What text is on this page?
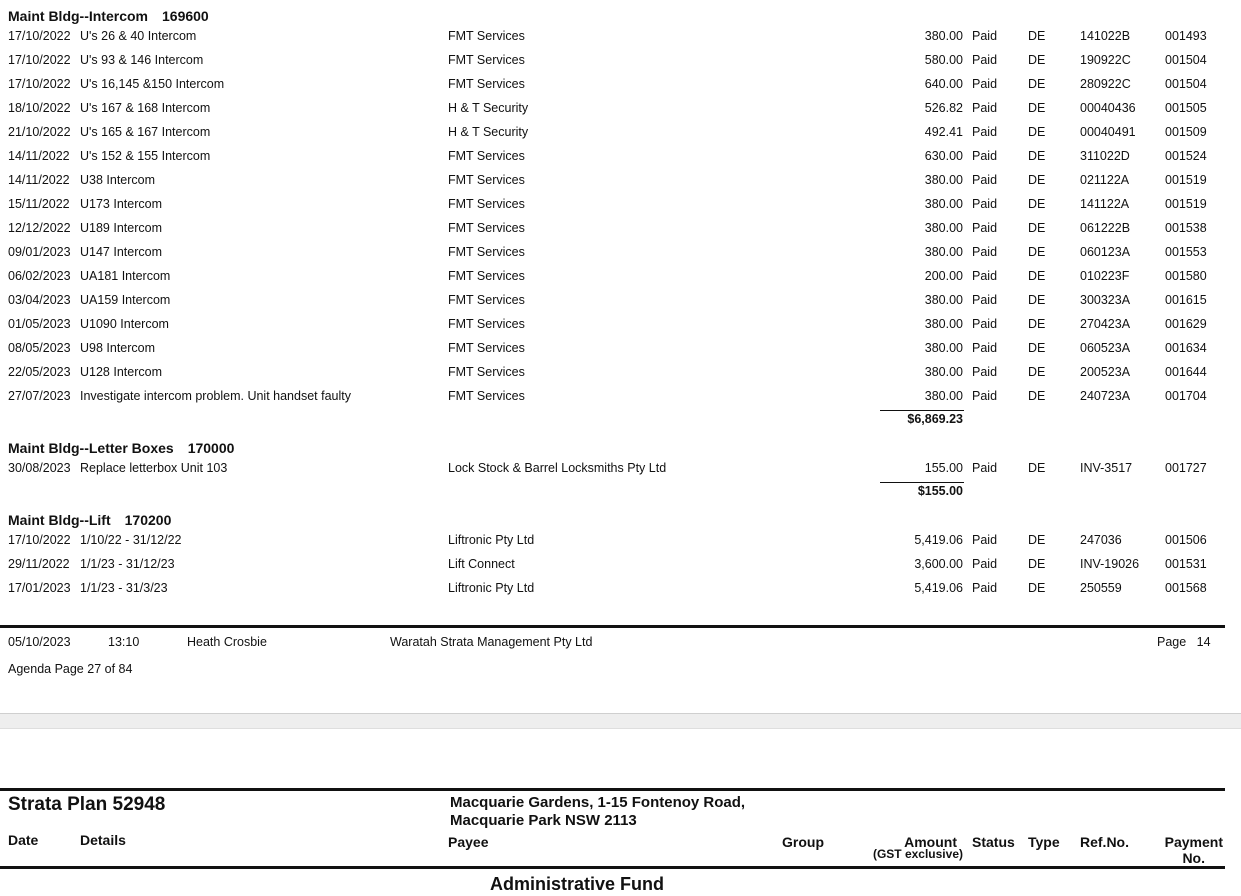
Maint Bldg--Intercom 169600
17/10/2022 U's 26 & 40 Intercom	FMT Services	380.00 Paid DE	141022B	001493
17/10/2022 U's 93 & 146 Intercom	FMT Services	580.00 Paid DE	190922C	001504
17/10/2022 U's 16,145 &150 Intercom	FMT Services	640.00 Paid DE	280922C	001504
18/10/2022 U's 167 & 168 Intercom	H & T Security	526.82 Paid DE	00040436 001505
21/10/2022 U's 165 & 167 Intercom	H & T Security	492.41 Paid DE	00040491 001509
14/11/2022 U's 152 & 155 Intercom	FMT Services	630.00 Paid DE	311022D	001524
14/11/2022 U38 Intercom	FMT Services	380.00 Paid DE	021122A	001519
15/11/2022 U173 Intercom	FMT Services	380.00 Paid DE	141122A	001519
12/12/2022 U189 Intercom	FMT Services	380.00 Paid DE	061222B	001538
09/01/2023 U147 Intercom	FMT Services	380.00 Paid DE	060123A	001553
06/02/2023 UA181 Intercom	FMT Services	200.00 Paid DE	010223F	001580
03/04/2023 UA159 Intercom	FMT Services	380.00 Paid DE	300323A	001615
01/05/2023 U1090 Intercom	FMT Services	380.00 Paid DE	270423A	001629
08/05/2023 U98 Intercom	FMT Services	380.00 Paid DE	060523A	001634
22/05/2023 U128 Intercom	FMT Services	380.00 Paid DE	200523A	001644
27/07/2023 Investigate intercom problem. Unit handset faulty	FMT Services	380.00 Paid DE	240723A	001704
$6,869.23
Maint Bldg--Letter Boxes 170000
30/08/2023 Replace letterbox Unit 103	Lock Stock & Barrel Locksmiths Pty Ltd	155.00 Paid DE	INV-3517	001727
$155.00
Maint Bldg--Lift 170200
17/10/2022 1/10/22 - 31/12/22	Liftronic Pty Ltd	5,419.06 Paid DE	247036	001506
29/11/2022 1/1/23 - 31/12/23	Lift Connect	3,600.00 Paid DE	INV-19026 001531
17/01/2023 1/1/23 - 31/3/23	Liftronic Pty Ltd	5,419.06 Paid DE	250559	001568
05/10/2023	13:10	Heath Crosbie	Waratah Strata Management Pty Ltd	Page 14
Agenda Page 27 of 84
Strata Plan 52948	Macquarie Gardens, 1-15 Fontenoy Road,
Macquarie Park NSW 2113
Date	Details	Payee	Group	Amount
(GST exclusive)
Status Type Ref.No.	Payment
No.
Administrative Fund
